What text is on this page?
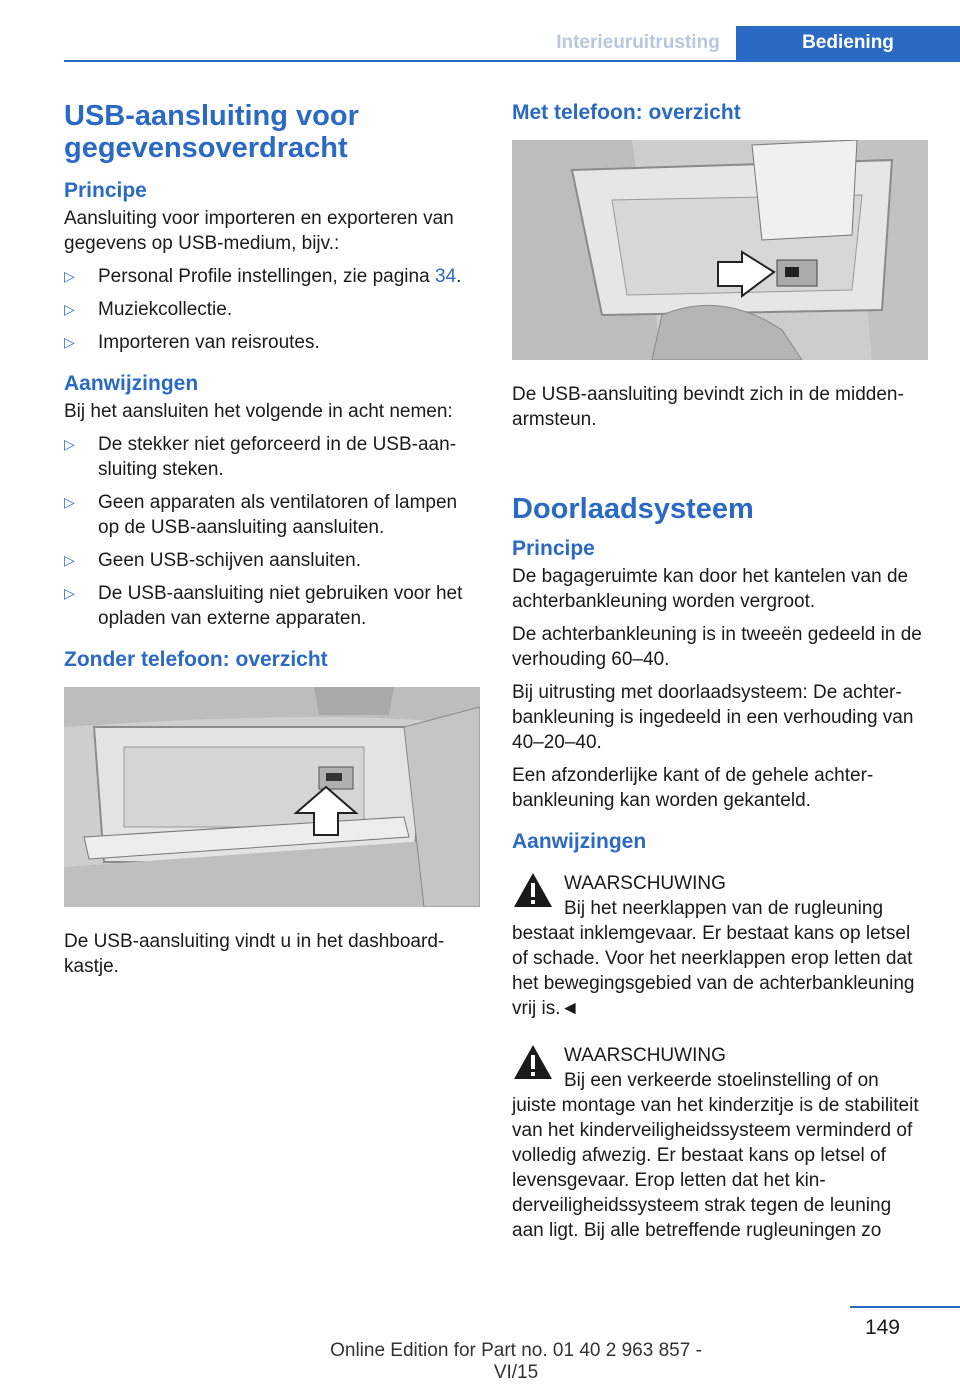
Interieuruitrusting	Bediening
USB-aansluiting voor gegevensoverdracht
Principe

Aansluiting voor importeren en exporteren van gegevens op USB-medium, bijv.:

▷ Personal Profile instellingen, zie pagina 34.
▷ Muziekcollectie.
▷ Importeren van reisroutes.
Aanwijzingen

Bij het aansluiten het volgende in acht nemen:

▷ De stekker niet geforceerd in de USB-aansluiting steken.
▷ Geen apparaten als ventilatoren of lampen op de USB-aansluiting aansluiten.
▷ Geen USB-schijven aansluiten.
▷ De USB-aansluiting niet gebruiken voor het opladen van externe apparaten.
Zonder telefoon: overzicht

De USB-aansluiting vindt u in het dashboardkastje.

Met telefoon: overzicht

De USB-aansluiting bevindt zich in de middenarmsteun.

Doorlaadsysteem
Principe

De bagageruimte kan door het kantelen van de achterbankleuning worden vergroot.

De achterbankleuning is in tweeën gedeeld in de verhouding 60–40.

Bij uitrusting met doorlaadsysteem: De achterbankleuning is ingedeeld in een verhouding van 40–20–40.

Een afzonderlijke kant of de gehele achterbankleuning kan worden gekanteld.

Aanwijzingen
WAARSCHUWING
Bij het neerklappen van de rugleuning
bestaat inklemgevaar. Er bestaat kans op letsel of schade. Voor het neerklappen erop letten dat het bewegingsgebied van de achterbankleuning vrij is.◄
WAARSCHUWING
Bij een verkeerde stoelinstelling of on
juiste montage van het kinderzitje is de stabiliteit van het kinderveiligheidssysteem verminderd of volledig afwezig. Er bestaat kans op letsel of levensgevaar. Erop letten dat het kinderveiligheidssysteem strak tegen de leuning aan ligt. Bij alle betreffende rugleuningen zo
149
Online Edition for Part no. 01 40 2 963 857 - VI/15
